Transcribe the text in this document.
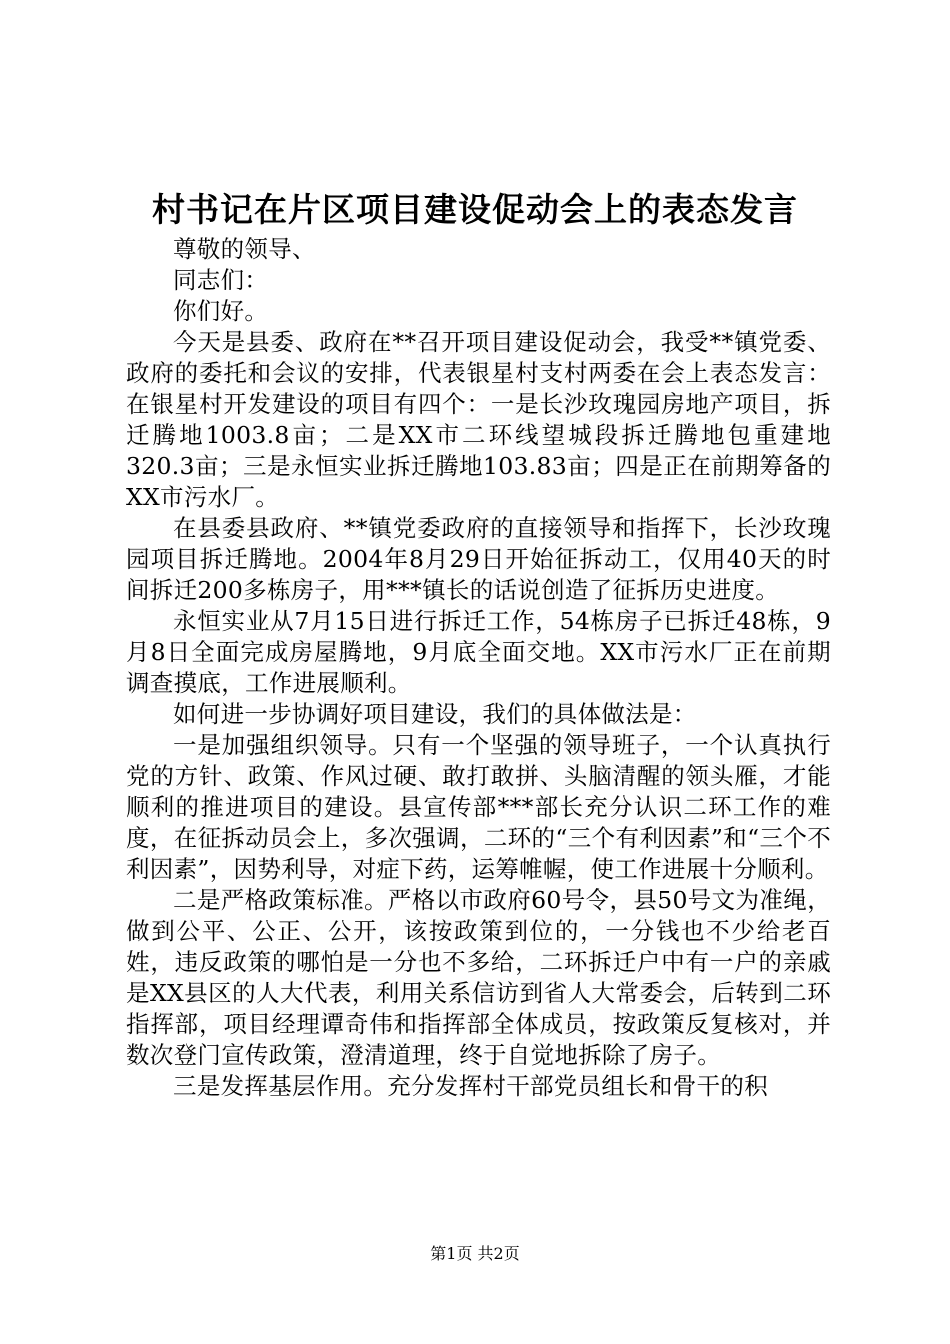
村书记在片区项目建设促动会上的表态发言

尊敬的领导、

同志们：

你们好。

今天是县委、政府在**召开项目建设促动会，我受**镇党委、政府的委托和会议的安排，代表银星村支村两委在会上表态发言：在银星村开发建设的项目有四个：一是长沙玫瑰园房地产项目，拆迁腾地1003.8亩；二是XX市二环线望城段拆迁腾地包重建地320.3亩；三是永恒实业拆迁腾地103.83亩；四是正在前期筹备的XX市污水厂。

在县委县政府、**镇党委政府的直接领导和指挥下，长沙玫瑰园项目拆迁腾地。2004年8月29日开始征拆动工，仅用40天的时间拆迁200多栋房子，用***镇长的话说创造了征拆历史进度。

永恒实业从7月15日进行拆迁工作，54栋房子已拆迁48栋，9月8日全面完成房屋腾地，9月底全面交地。XX市污水厂正在前期调查摸底，工作进展顺利。

如何进一步协调好项目建设，我们的具体做法是：

一是加强组织领导。只有一个坚强的领导班子，一个认真执行党的方针、政策、作风过硬、敢打敢拼、头脑清醒的领头雁，才能顺利的推进项目的建设。县宣传部***部长充分认识二环工作的难度，在征拆动员会上，多次强调，二环的“三个有利因素”和“三个不利因素”，因势利导，对症下药，运筹帷幄，使工作进展十分顺利。

二是严格政策标准。严格以市政府60号令，县50号文为准绳，做到公平、公正、公开，该按政策到位的，一分钱也不少给老百姓，违反政策的哪怕是一分也不多给，二环拆迁户中有一户的亲戚是XX县区的人大代表，利用关系信访到省人大常委会，后转到二环指挥部，项目经理谭奇伟和指挥部全体成员，按政策反复核对，并数次登门宣传政策，澄清道理，终于自觉地拆除了房子。

三是发挥基层作用。充分发挥村干部党员组长和骨干的积

第1页 共2页
